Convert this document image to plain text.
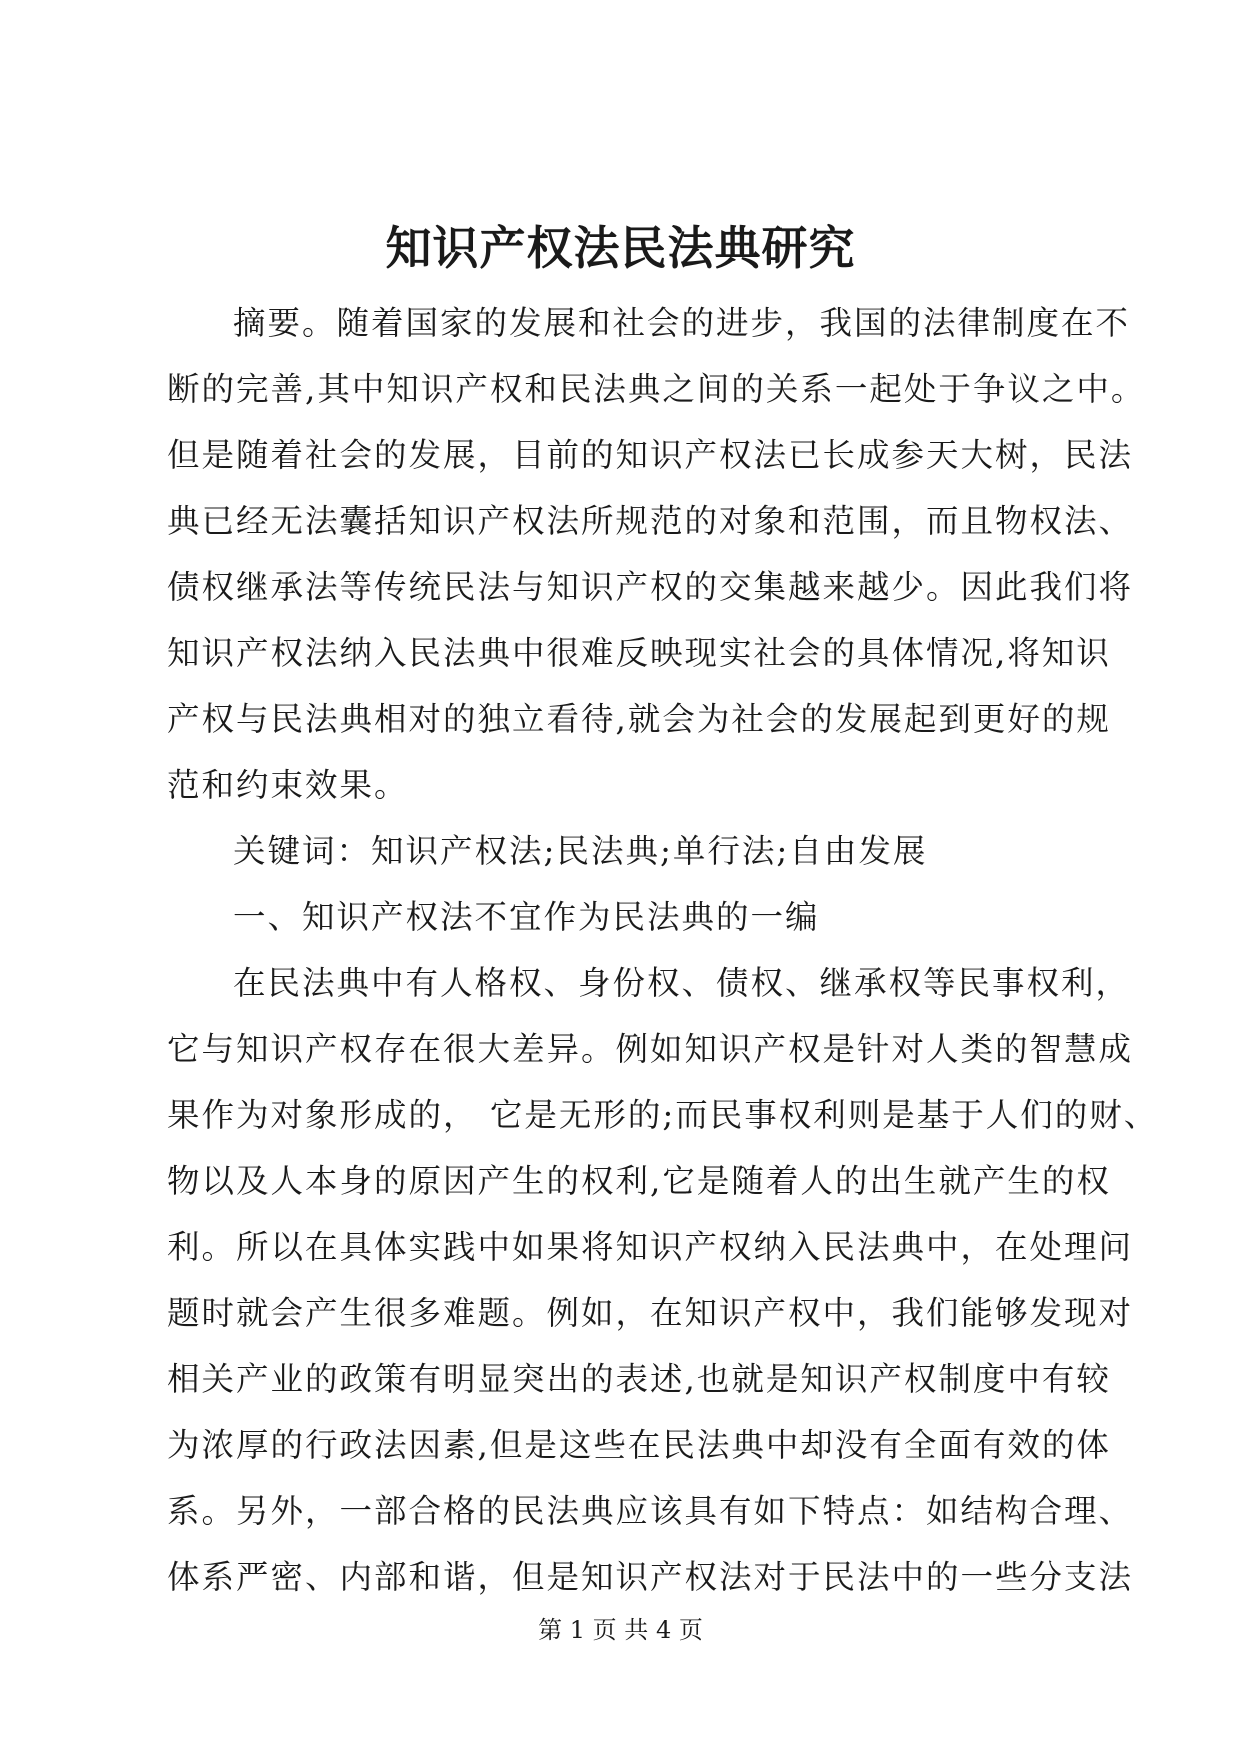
知识产权法民法典研究
摘要。随着国家的发展和社会的进步，我国的法律制度在不
断的完善,其中知识产权和民法典之间的关系一起处于争议之中。
但是随着社会的发展，目前的知识产权法已长成参天大树，民法
典已经无法囊括知识产权法所规范的对象和范围，而且物权法、
债权继承法等传统民法与知识产权的交集越来越少。因此我们将
知识产权法纳入民法典中很难反映现实社会的具体情况,将知识
产权与民法典相对的独立看待,就会为社会的发展起到更好的规
范和约束效果。
关键词：知识产权法;民法典;单行法;自由发展
一、知识产权法不宜作为民法典的一编
在民法典中有人格权、身份权、债权、继承权等民事权利，
它与知识产权存在很大差异。例如知识产权是针对人类的智慧成
果作为对象形成的， 它是无形的;而民事权利则是基于人们的财、
物以及人本身的原因产生的权利,它是随着人的出生就产生的权
利。所以在具体实践中如果将知识产权纳入民法典中，在处理问
题时就会产生很多难题。例如，在知识产权中，我们能够发现对
相关产业的政策有明显突出的表述,也就是知识产权制度中有较
为浓厚的行政法因素,但是这些在民法典中却没有全面有效的体
系。另外，一部合格的民法典应该具有如下特点：如结构合理、
体系严密、内部和谐，但是知识产权法对于民法中的一些分支法
第 1 页 共 4 页
